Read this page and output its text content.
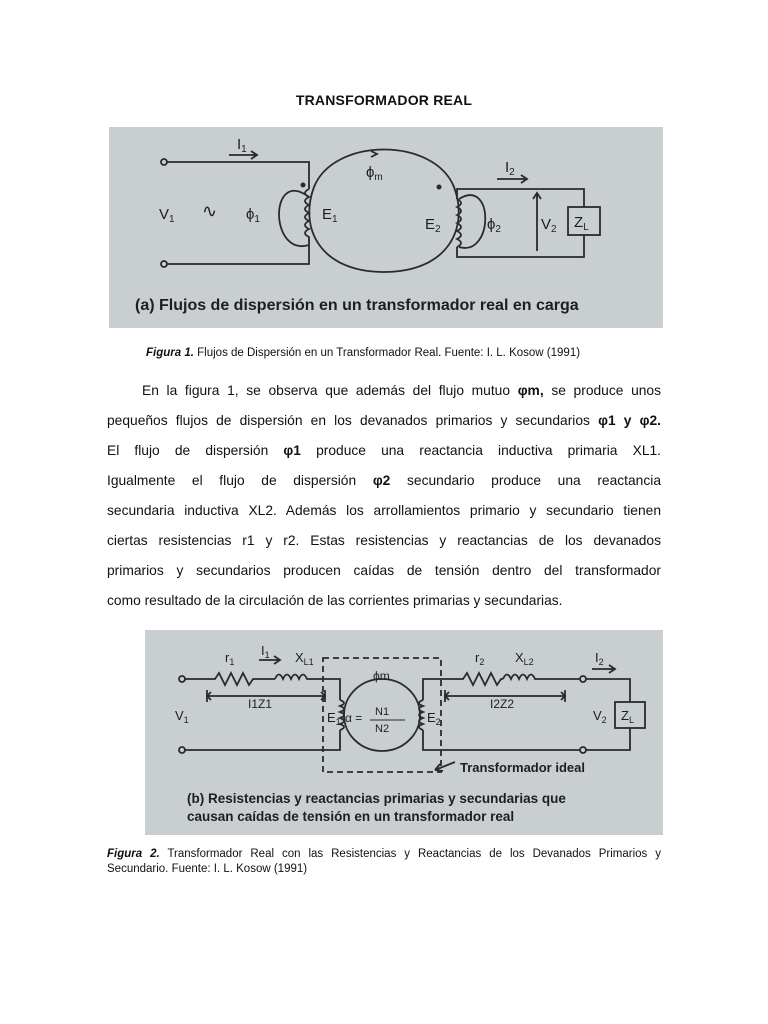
TRANSFORMADOR REAL
$I_1$
$\phi_m$
$V_1$ ∿ $\phi_1$	$E_1$	$E_2$	$\phi_2$
$I_2$
$V_2$ $Z_L$
(a) Flujos de dispersión en un transformador real en carga
Figura 1. Flujos de Dispersión en un Transformador Real. Fuente: I. L. Kosow (1991)
En la figura 1, se observa que además del flujo mutuo φm, se produce unos
pequeños flujos de dispersión en los devanados primarios y secundarios φ1 y φ2.
El flujo de dispersión φ1 produce una reactancia inductiva primaria XL1.
Igualmente el flujo de dispersión φ2 secundario produce una reactancia
secundaria inductiva XL2. Además los arrollamientos primario y secundario tienen
ciertas resistencias r1 y r2. Estas resistencias y reactancias de los devanados
primarios y secundarios producen caídas de tensión dentro del transformador
como resultado de la circulación de las corrientes primarias y secundarias.
$r_1$
$I_1$ $X_{L1}$
I1Z1
$V_1$
ϕm
$E_1$ α = N1
N2
$E_2$
$r_2$ $X_{L2}$	$I_2$
I2Z2
$V_2$ $Z_L$
Transformador ideal
(b) Resistencias y reactancias primarias y secundarias que
causan caídas de tensión en un transformador real
Figura 2. Transformador Real con las Resistencias y Reactancias de los Devanados Primarios y
Secundario. Fuente: I. L. Kosow (1991)
